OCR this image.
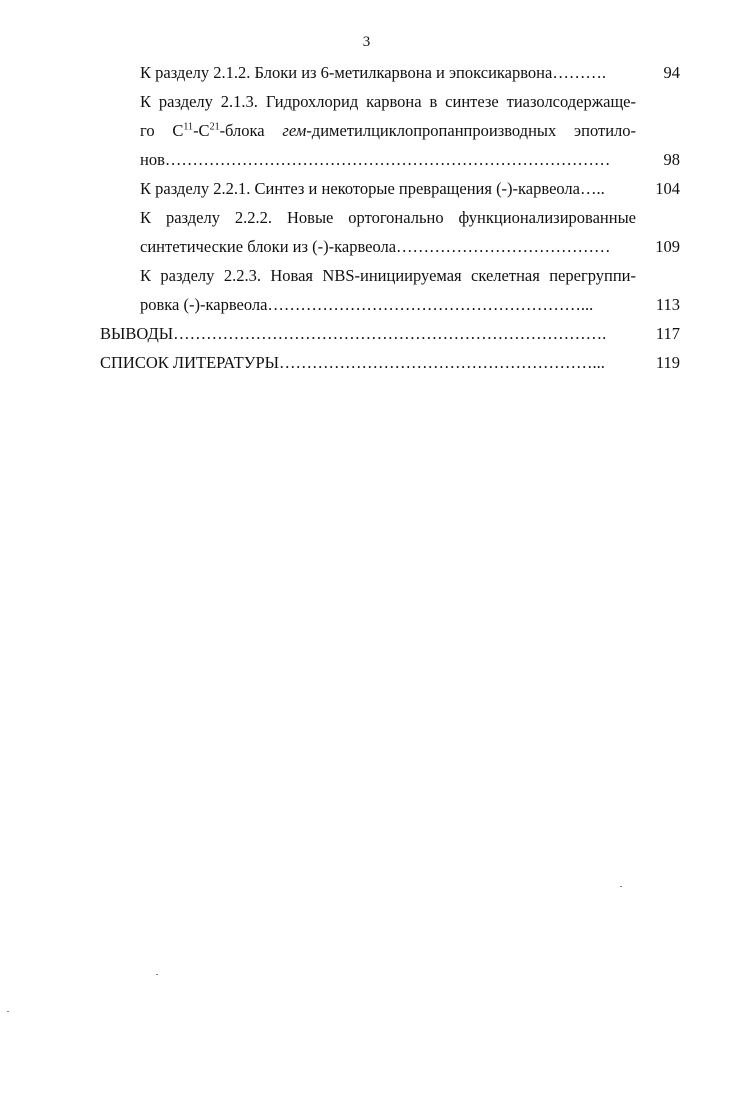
3
К разделу 2.1.2. Блоки из 6-метилкарвона и эпоксикарвона……….	94
К разделу 2.1.3. Гидрохлорид карвона в синтезе тиазолсодержаще-
го $C^{11}-C^{21}$-блока гем-диметилциклопропанпроизводных эпотило-
нов………………………………………………………………………	98
К разделу 2.2.1. Синтез и некоторые превращения (-)-карвеола…..	104
К разделу 2.2.2. Новые ортогонально функционализированные
синтетические блоки из (-)-карвеола…………………………………	109
К разделу 2.2.3. Новая NBS-инициируемая скелетная перегруппи-
ровка (-)-карвеола…………………………………………………...	113
ВЫВОДЫ…………………………………………………………………….	117
СПИСОК ЛИТЕРАТУРЫ…………………………………………………...	119
